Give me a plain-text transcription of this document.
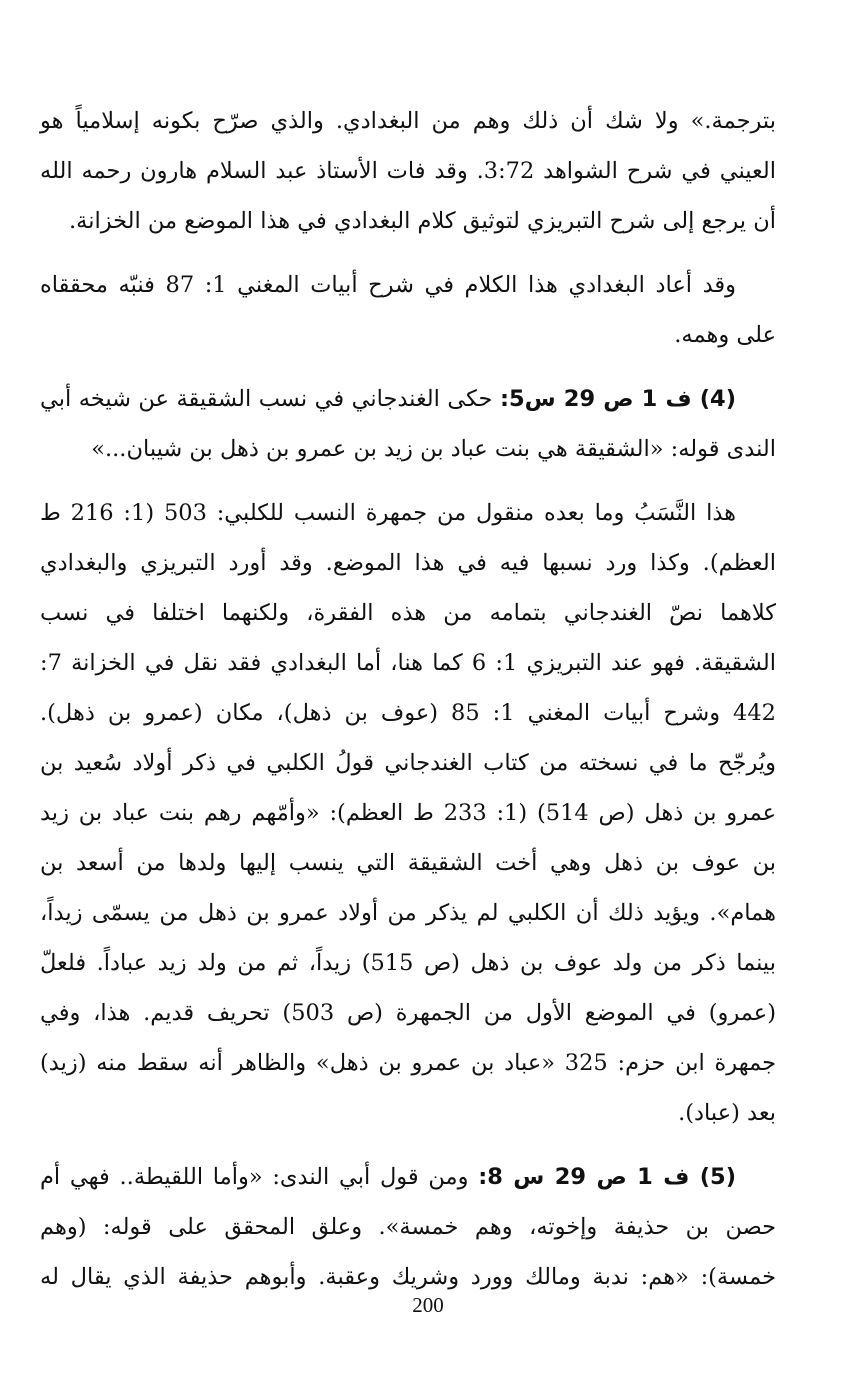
بترجمة.» ولا شك أن ذلك وهم من البغدادي. والذي صرّح بكونه إسلامياً هو
العيني في شرح الشواهد 3:72. وقد فات الأستاذ عبد السلام هارون رحمه الله
أن يرجع إلى شرح التبريزي لتوثيق كلام البغدادي في هذا الموضع من الخزانة.

وقد أعاد البغدادي هذا الكلام في شرح أبيات المغني 1: 87 فنبّه محققاه
على وهمه.

(4) ف 1 ص 29 س5: حكى الغندجاني في نسب الشقيقة عن شيخه أبي
الندى قوله: «الشقيقة هي بنت عباد بن زيد بن عمرو بن ذهل بن شيبان...»

هذا النَّسَبُ وما بعده منقول من جمهرة النسب للكلبي: 503 (1: 216 ط
العظم). وكذا ورد نسبها فيه في هذا الموضع. وقد أورد التبريزي والبغدادي
كلاهما نصّ الغندجاني بتمامه من هذه الفقرة، ولكنهما اختلفا في نسب
الشقيقة. فهو عند التبريزي 1: 6 كما هنا، أما البغدادي فقد نقل في الخزانة 7:
442 وشرح أبيات المغني 1: 85 (عوف بن ذهل)، مكان (عمرو بن ذهل).
ويُرجّح ما في نسخته من كتاب الغندجاني قولُ الكلبي في ذكر أولاد سُعيد بن
عمرو بن ذهل (ص 514) (1: 233 ط العظم): «وأمّهم رهم بنت عباد بن زيد
بن عوف بن ذهل وهي أخت الشقيقة التي ينسب إليها ولدها من أسعد بن
همام». ويؤيد ذلك أن الكلبي لم يذكر من أولاد عمرو بن ذهل من يسمّى زيداً،
بينما ذكر من ولد عوف بن ذهل (ص 515) زيداً، ثم من ولد زيد عباداً. فلعلّ
(عمرو) في الموضع الأول من الجمهرة (ص 503) تحريف قديم. هذا، وفي
جمهرة ابن حزم: 325 «عباد بن عمرو بن ذهل» والظاهر أنه سقط منه (زيد)
بعد (عباد).

(5) ف 1 ص 29 س 8: ومن قول أبي الندى: «وأما اللقيطة.. فهي أم
حصن بن حذيفة وإخوته، وهم خمسة». وعلق المحقق على قوله: (وهم
خمسة): «هم: ندبة ومالك وورد وشريك وعقبة. وأبوهم حذيفة الذي يقال له

200
